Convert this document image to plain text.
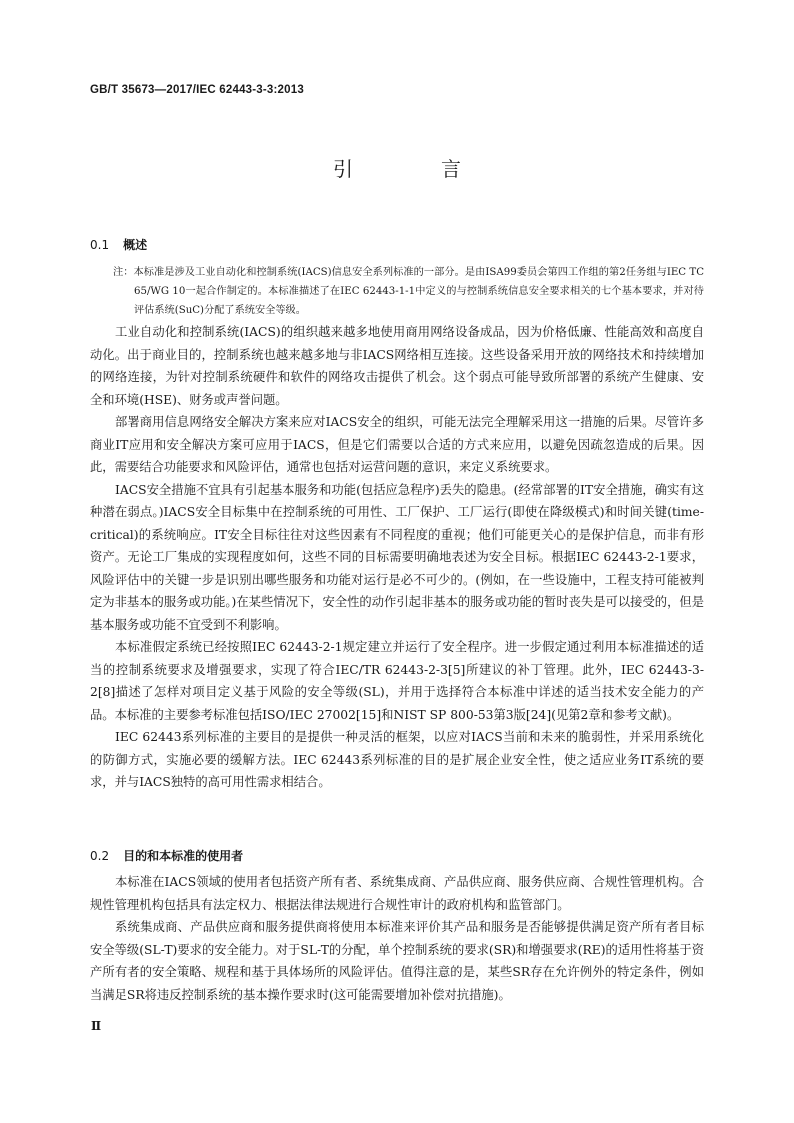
GB/T 35673—2017/IEC 62443-3-3:2013
引　言
0.1 概述
注：本标准是涉及工业自动化和控制系统(IACS)信息安全系列标准的一部分。是由ISA99委员会第四工作组的第2任务组与IEC TC 65/WG 10一起合作制定的。本标准描述了在IEC 62443-1-1中定义的与控制系统信息安全要求相关的七个基本要求，并对待评估系统(SuC)分配了系统安全等级。

工业自动化和控制系统(IACS)的组织越来越多地使用商用网络设备成品，因为价格低廉、性能高效和高度自动化。出于商业目的，控制系统也越来越多地与非IACS网络相互连接。这些设备采用开放的网络技术和持续增加的网络连接，为针对控制系统硬件和软件的网络攻击提供了机会。这个弱点可能导致所部署的系统产生健康、安全和环境(HSE)、财务或声誉问题。

部署商用信息网络安全解决方案来应对IACS安全的组织，可能无法完全理解采用这一措施的后果。尽管许多商业IT应用和安全解决方案可应用于IACS，但是它们需要以合适的方式来应用，以避免因疏忽造成的后果。因此，需要结合功能要求和风险评估，通常也包括对运营问题的意识，来定义系统要求。

IACS安全措施不宜具有引起基本服务和功能(包括应急程序)丢失的隐患。(经常部署的IT安全措施，确实有这种潜在弱点。)IACS安全目标集中在控制系统的可用性、工厂保护、工厂运行(即使在降级模式)和时间关键(time-critical)的系统响应。IT安全目标往往对这些因素有不同程度的重视；他们可能更关心的是保护信息，而非有形资产。无论工厂集成的实现程度如何，这些不同的目标需要明确地表述为安全目标。根据IEC 62443-2-1要求，风险评估中的关键一步是识别出哪些服务和功能对运行是必不可少的。(例如，在一些设施中，工程支持可能被判定为非基本的服务或功能。)在某些情况下，安全性的动作引起非基本的服务或功能的暂时丧失是可以接受的，但是基本服务或功能不宜受到不利影响。

本标准假定系统已经按照IEC 62443-2-1规定建立并运行了安全程序。进一步假定通过利用本标准描述的适当的控制系统要求及增强要求，实现了符合IEC/TR 62443-2-3[5]所建议的补丁管理。此外，IEC 62443-3-2[8]描述了怎样对项目定义基于风险的安全等级(SL)，并用于选择符合本标准中详述的适当技术安全能力的产品。本标准的主要参考标准包括ISO/IEC 27002[15]和NIST SP 800-53第3版[24](见第2章和参考文献)。

IEC 62443系列标准的主要目的是提供一种灵活的框架，以应对IACS当前和未来的脆弱性，并采用系统化的防御方式，实施必要的缓解方法。IEC 62443系列标准的目的是扩展企业安全性，使之适应业务IT系统的要求，并与IACS独特的高可用性需求相结合。

0.2 目的和本标准的使用者

本标准在IACS领域的使用者包括资产所有者、系统集成商、产品供应商、服务供应商、合规性管理机构。合规性管理机构包括具有法定权力、根据法律法规进行合规性审计的政府机构和监管部门。

系统集成商、产品供应商和服务提供商将使用本标准来评价其产品和服务是否能够提供满足资产所有者目标安全等级(SL-T)要求的安全能力。对于SL-T的分配，单个控制系统的要求(SR)和增强要求(RE)的适用性将基于资产所有者的安全策略、规程和基于具体场所的风险评估。值得注意的是，某些SR存在允许例外的特定条件，例如当满足SR将违反控制系统的基本操作要求时(这可能需要增加补偿对抗措施)。

Ⅱ
